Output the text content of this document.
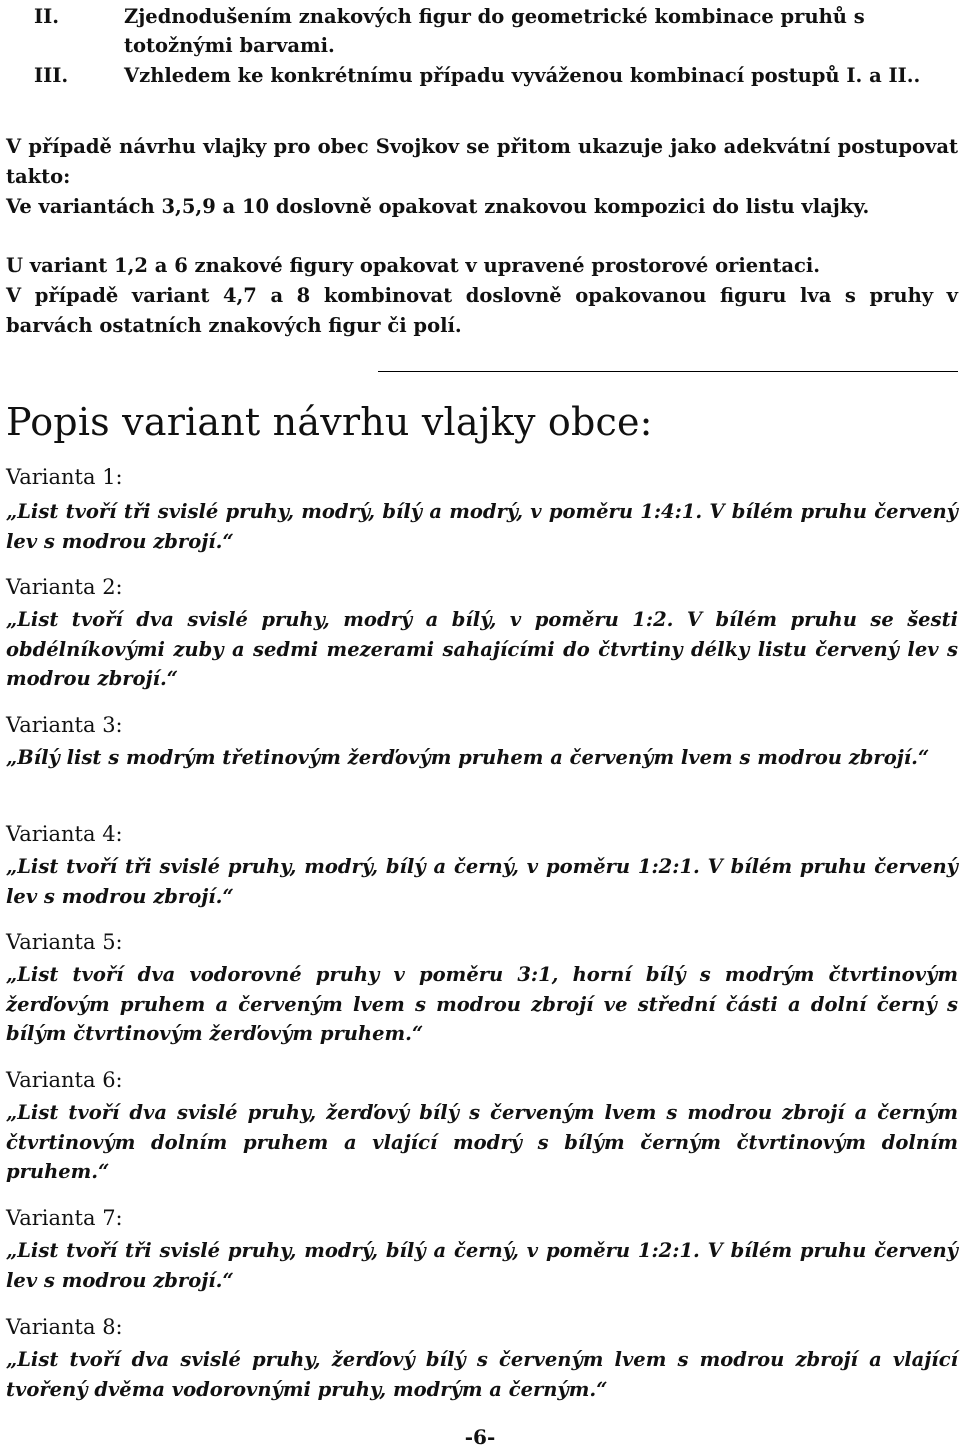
II.	Zjednodušením znakových figur do geometrické kombinace pruhů s totožnými barvami.
III.	Vzhledem ke konkrétnímu případu vyváženou kombinací postupů I. a II..
V případě návrhu vlajky pro obec Svojkov se přitom ukazuje jako adekvátní postupovat takto:
Ve variantách 3,5,9 a 10 doslovně opakovat znakovou kompozici do listu vlajky.
U variant 1,2 a 6 znakové figury opakovat v upravené prostorové orientaci.
V případě variant 4,7 a 8 kombinovat doslovně opakovanou figuru lva s pruhy v barvách ostatních znakových figur či polí.
Popis variant návrhu vlajky obce:
Varianta 1:
„List tvoří tři svislé pruhy, modrý, bílý a modrý, v poměru 1:4:1. V bílém pruhu červený lev s modrou zbrojí.“
Varianta 2:
„List tvoří dva svislé pruhy, modrý a bílý, v poměru 1:2. V bílém pruhu se šesti obdélníkovými zuby a sedmi mezerami sahajícími do čtvrtiny délky listu červený lev s modrou zbrojí.“
Varianta 3:
„Bílý list s modrým třetinovým žerďovým pruhem a červeným lvem s modrou zbrojí.“
Varianta 4:
„List tvoří tři svislé pruhy, modrý, bílý a černý, v poměru 1:2:1. V bílém pruhu červený lev s modrou zbrojí.“
Varianta 5:
„List tvoří dva vodorovné pruhy v poměru 3:1, horní bílý s modrým čtvrtinovým žerďovým pruhem a červeným lvem s modrou zbrojí ve střední části a dolní černý s bílým čtvrtinovým žerďovým pruhem.“
Varianta 6:
„List tvoří dva svislé pruhy, žerďový bílý s červeným lvem s modrou zbrojí a černým čtvrtinovým dolním pruhem a vlající modrý s bílým černým čtvrtinovým dolním pruhem.“
Varianta 7:
„List tvoří tři svislé pruhy, modrý, bílý a černý, v poměru 1:2:1. V bílém pruhu červený lev s modrou zbrojí.“
Varianta 8:
„List tvoří dva svislé pruhy, žerďový bílý s červeným lvem s modrou zbrojí a vlající tvořený dvěma vodorovnými pruhy, modrým a černým.“
-6-
